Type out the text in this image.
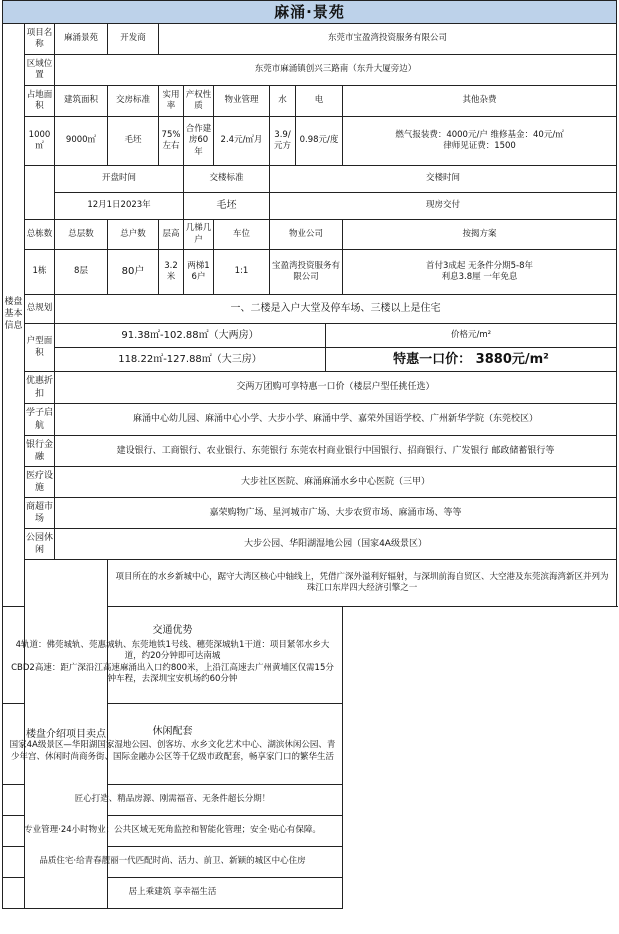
麻涌·景苑										
楼盘基本信息	项目名称	麻涌景苑	开发商	东莞市宝盈湾投资服务有限公司						
	区域位置	东莞市麻涌镇创兴三路南（东升大厦旁边）								
	占地面积	建筑面积	交房标准	实用率	产权性质	物业管理	水	电		其他杂费
	1000㎡	9000㎡	毛坯	75%左右	合作建房60年	2.4元/㎡月	3.9/元方	0.98元/度		燃气报装费：4000元/户 维修基金：40元/㎡
律师见证费：1500

		开盘时间			交楼标准		交楼时间			
		12月1日2023年			毛坯		现房交付			
	总栋数	总层数	总户数	层高	几梯几户	车位	物业公司			按揭方案
	1栋	8层	80户	3.2米	两梯16户	1:1	宝盈湾投资服务有限公司			首付3成起 无条件分期5-8年
利息3.8厘 一年免息

	总规划	一、二楼是入户大堂及停车场、三楼以上是住宅								
	户型面积	91.38㎡-102.88㎡（大两房）							价格元/m²	
		118.22㎡-127.88㎡（大三房）							特惠一口价： 3880元/m²	
	优惠折扣	交两万团购可享特惠一口价（楼层户型任挑任选）								
	学子启航	麻涌中心幼儿园、麻涌中心小学、大步小学、麻涌中学、嘉荣外国语学校、广州新华学院（东莞校区）								
	银行金融	建设银行、工商银行、农业银行、东莞银行 东莞农村商业银行中国银行、招商银行、广发银行 邮政储蓄银行等								
	医疗设施	大步社区医院、麻涌麻涌水乡中心医院（三甲）								
	商超市场	嘉荣购物广场、星河城市广场、大步农贸市场、麻涌市场、等等								
	公园休闲	大步公园、华阳湖湿地公园（国家4A级景区）								
	楼盘介绍项目卖点		项目所在的水乡新城中心，踞守大湾区核心中轴线上，凭借广深外溢利好辐射，与深圳前海自贸区、大空港及东莞滨海湾新区并列为珠江口东岸四大经济引擎之一							

交通优势
4轨道：佛莞城轨、莞惠城轨、东莞地铁1号线、穗莞深城轨1干道：项目紧邻水乡大道，约20分钟即可达南城
CBD2高速：距广深沿江高速麻涌出入口约800米，上沿江高速去广州黄埔区仅需15分钟车程，去深圳宝安机场约60分钟										

休闲配套
国家4A级景区—华阳湖国家湿地公园、创客坊、水乡文化艺术中心、湖滨休闲公园、青少年宫、休闲时尚商务街、国际金融办公区等千亿级市政配套，畅享家门口的繁华生活										

匠心打造、精品房源、刚需福音、无条件超长分期！										
专业管理·24小时物业；公共区域无死角监控和智能化管理；安全·贴心有保障。										
品质住宅·给青春靓丽一代匹配时尚、活力、前卫、新颖的城区中心住房										
居上乘建筑 享幸福生活										
